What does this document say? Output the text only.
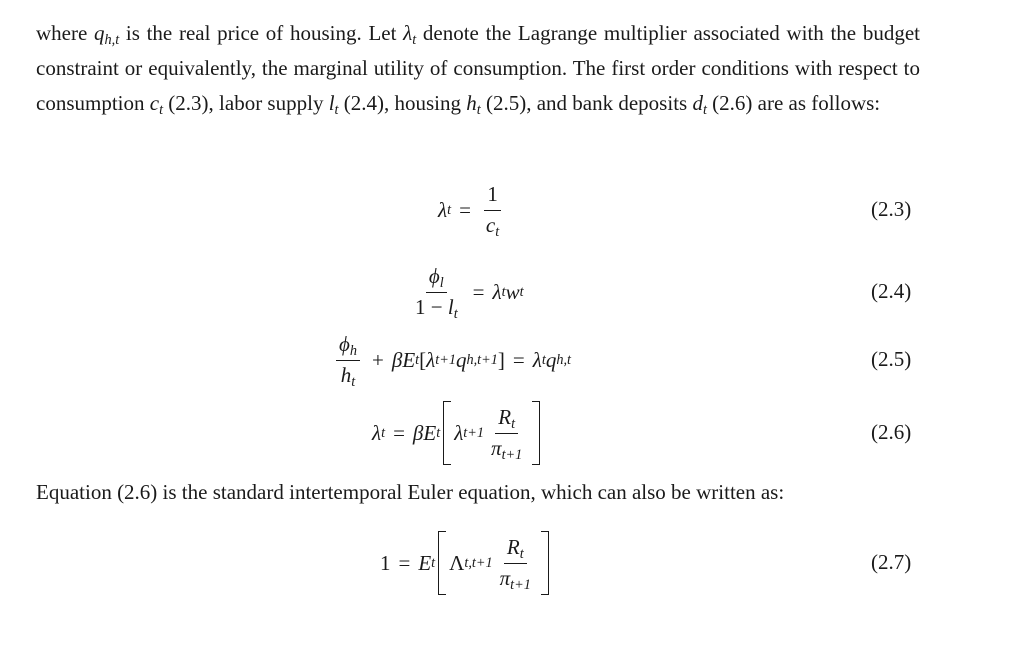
where $q_{h,t}$ is the real price of housing. Let $\lambda_t$ denote the Lagrange multiplier associated with the budget constraint or equivalently, the marginal utility of consumption. The first order conditions with respect to consumption $c_t$ (2.3), labor supply $l_t$ (2.4), housing $h_t$ (2.5), and bank deposits $d_t$ (2.6) are as follows:
λ $t = \frac{1}{c_t}$	(2.3)
$\frac{\phi_l}{1 - l_t} = \lambda$ t w t	(2.4)
$\frac{\phi_h}{h_t} + \beta$ E t [ λ t+1 q h,t+1 ] = λ t q h,t	(2.5)
λ t = β E t λ $t+1 \frac{R_t}{\pi_{t+1}}$	(2.6)
Equation (2.6) is the standard intertemporal Euler equation, which can also be written as:
1 = E t Λ $t,t+1 \frac{R_t}{\pi_{t+1}}$	(2.7)
